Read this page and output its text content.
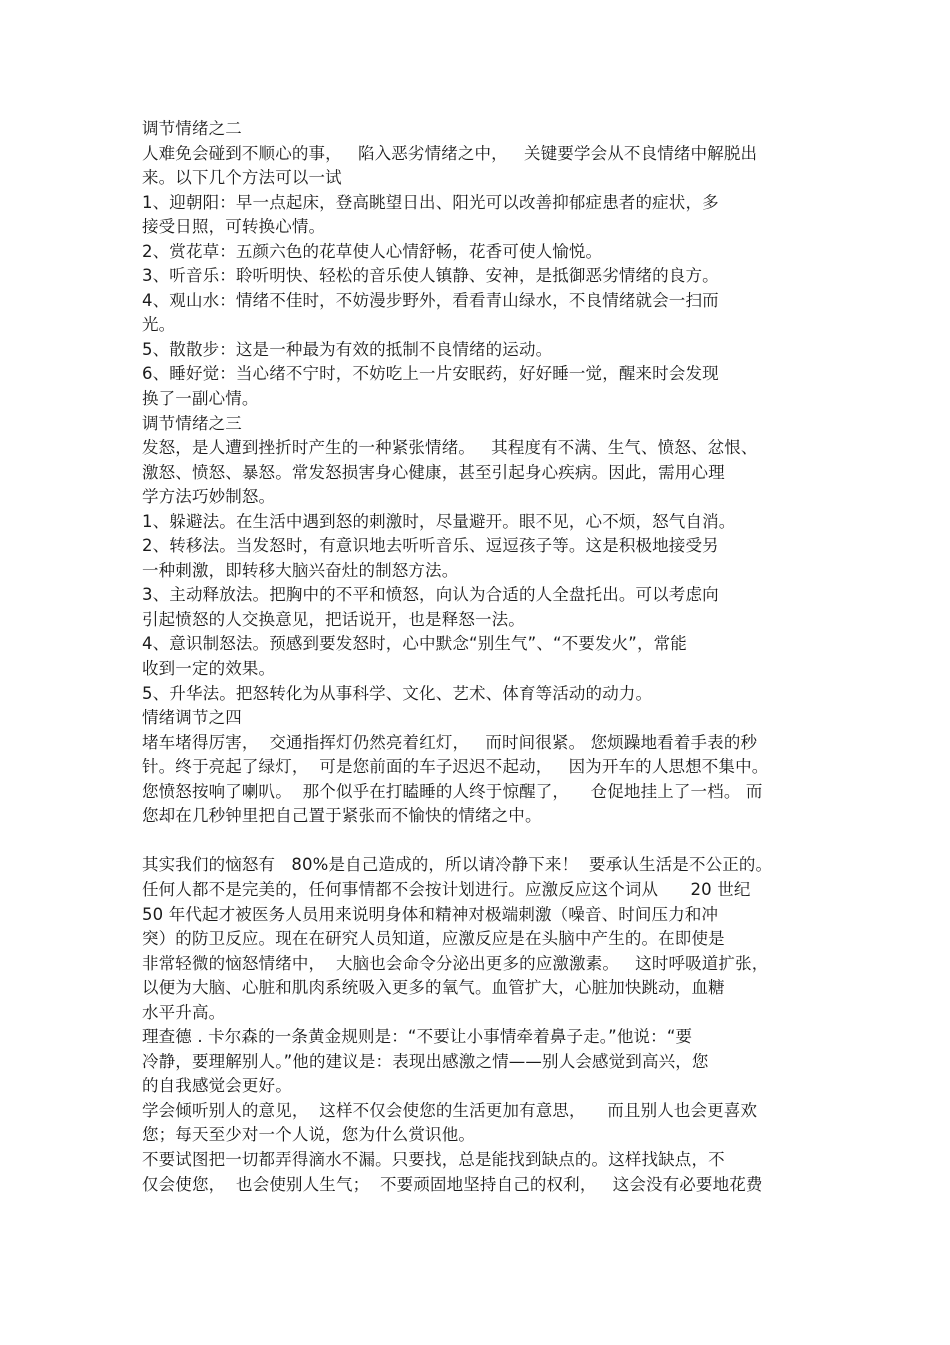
调节情绪之二
人难免会碰到不顺心的事，   陷入恶劣情绪之中，   关键要学会从不良情绪中解脱出
来。以下几个方法可以一试
1、迎朝阳：早一点起床，登高眺望日出、阳光可以改善抑郁症患者的症状，多
接受日照，可转换心情。
2、赏花草：五颜六色的花草使人心情舒畅，花香可使人愉悦。
3、听音乐：聆听明快、轻松的音乐使人镇静、安神，是抵御恶劣情绪的良方。
4、观山水：情绪不佳时，不妨漫步野外，看看青山绿水，不良情绪就会一扫而
光。
5、散散步：这是一种最为有效的抵制不良情绪的运动。
6、睡好觉：当心绪不宁时，不妨吃上一片安眠药，好好睡一觉，醒来时会发现
换了一副心情。
调节情绪之三
发怒，是人遭到挫折时产生的一种紧张情绪。   其程度有不满、生气、愤怒、忿恨、
激怒、愤怒、暴怒。常发怒损害身心健康，甚至引起身心疾病。因此，需用心理
学方法巧妙制怒。
1、躲避法。在生活中遇到怒的刺激时，尽量避开。眼不见，心不烦，怒气自消。
2、转移法。当发怒时，有意识地去听听音乐、逗逗孩子等。这是积极地接受另
一种刺激，即转移大脑兴奋灶的制怒方法。
3、主动释放法。把胸中的不平和愤怒，向认为合适的人全盘托出。可以考虑向
引起愤怒的人交换意见，把话说开，也是释怒一法。
4、意识制怒法。预感到要发怒时，心中默念“别生气”、“不要发火”，常能
收到一定的效果。
5、升华法。把怒转化为从事科学、文化、艺术、体育等活动的动力。
情绪调节之四
堵车堵得厉害，  交通指挥灯仍然亮着红灯，   而时间很紧。 您烦躁地看着手表的秒
针。终于亮起了绿灯，  可是您前面的车子迟迟不起动，   因为开车的人思想不集中。
您愤怒按响了喇叭。  那个似乎在打瞌睡的人终于惊醒了，    仓促地挂上了一档。 而
您却在几秒钟里把自己置于紧张而不愉快的情绪之中。
其实我们的恼怒有   80%是自己造成的，所以请冷静下来！  要承认生活是不公正的。
任何人都不是完美的，任何事情都不会按计划进行。应激反应这个词从      20 世纪
50 年代起才被医务人员用来说明身体和精神对极端刺激（噪音、时间压力和冲
突）的防卫反应。现在在研究人员知道，应激反应是在头脑中产生的。在即使是
非常轻微的恼怒情绪中，  大脑也会命令分泌出更多的应激激素。   这时呼吸道扩张，
以便为大脑、心脏和肌肉系统吸入更多的氧气。血管扩大，心脏加快跳动，血糖
水平升高。
理查德 . 卡尔森的一条黄金规则是：“不要让小事情牵着鼻子走。”他说：“要
冷静，要理解别人。”他的建议是：表现出感激之情——别人会感觉到高兴，您
的自我感觉会更好。
学会倾听别人的意见，  这样不仅会使您的生活更加有意思，    而且别人也会更喜欢
您；每天至少对一个人说，您为什么赏识他。
不要试图把一切都弄得滴水不漏。只要找，总是能找到缺点的。这样找缺点，不
仅会使您，  也会使别人生气；  不要顽固地坚持自己的权利，   这会没有必要地花费
